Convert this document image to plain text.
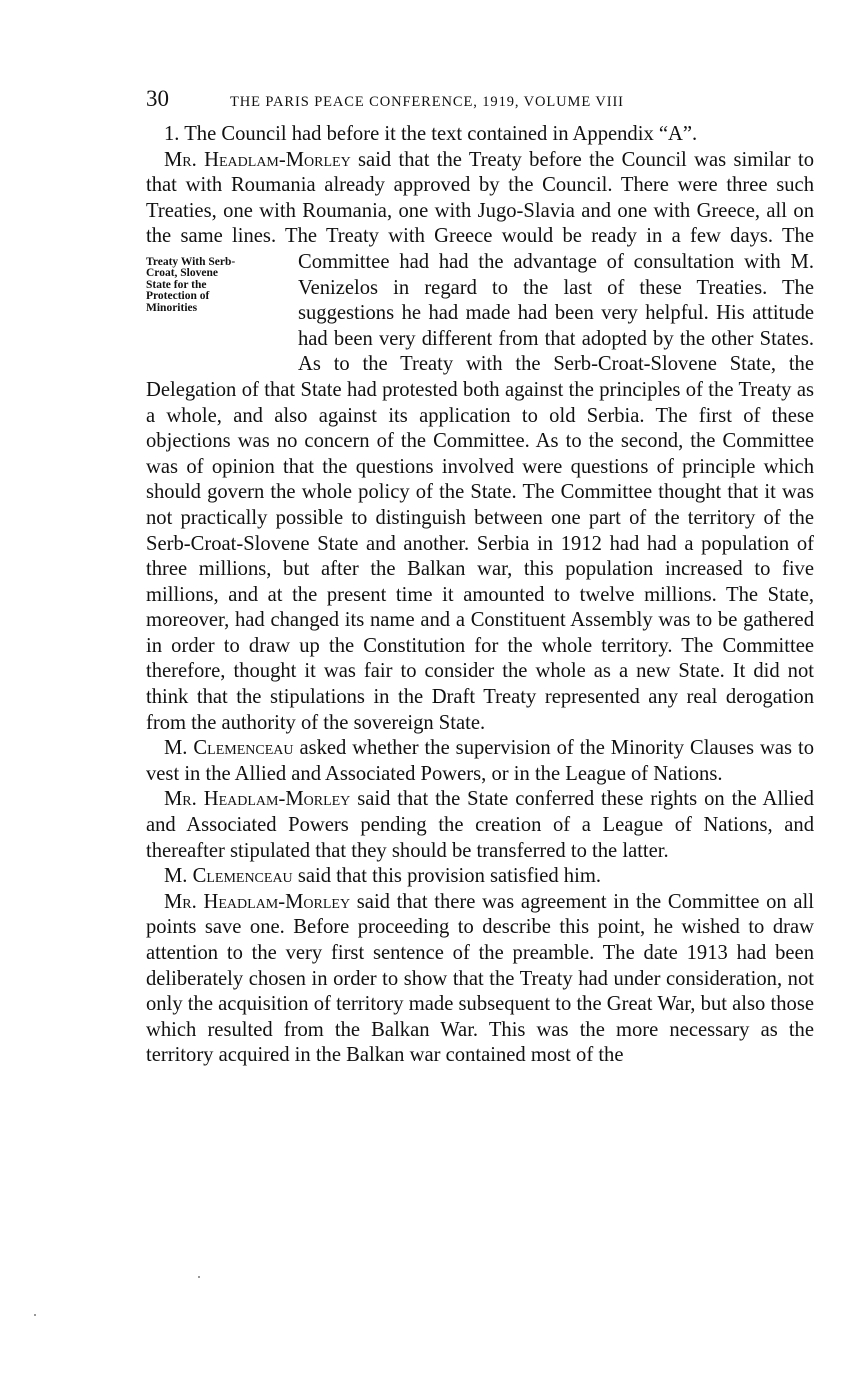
30	THE PARIS PEACE CONFERENCE, 1919, VOLUME VIII

1. The Council had before it the text contained in Appendix “A”.

Treaty With Serb-
Croat, Slovene
State for the
Protection of
Minorities

Mr. Headlam-Morley said that the Treaty before the Council was similar to that with Roumania already approved by the Council. There were three such Treaties, one with Roumania, one with Jugo-Slavia and one with Greece, all on the same lines. The Treaty with Greece would be ready in a few days. The Committee had had the advantage of consultation with M. Venizelos in regard to the last of these Treaties. The suggestions he had made had been very helpful. His attitude had been very different from that adopted by the other States. As to the Treaty with the Serb-Croat-Slovene State, the Delegation of that State had protested both against the principles of the Treaty as a whole, and also against its application to old Serbia. The first of these objections was no concern of the Committee. As to the second, the Committee was of opinion that the questions involved were questions of principle which should govern the whole policy of the State. The Committee thought that it was not practically possible to distinguish between one part of the territory of the Serb-Croat-Slovene State and another. Serbia in 1912 had had a population of three millions, but after the Balkan war, this population increased to five millions, and at the present time it amounted to twelve millions. The State, moreover, had changed its name and a Constituent Assembly was to be gathered in order to draw up the Constitution for the whole territory. The Committee therefore, thought it was fair to consider the whole as a new State. It did not think that the stipulations in the Draft Treaty represented any real derogation from the authority of the sovereign State.

M. Clemenceau asked whether the supervision of the Minority Clauses was to vest in the Allied and Associated Powers, or in the League of Nations.

Mr. Headlam-Morley said that the State conferred these rights on the Allied and Associated Powers pending the creation of a League of Nations, and thereafter stipulated that they should be transferred to the latter.

M. Clemenceau said that this provision satisfied him.

Mr. Headlam-Morley said that there was agreement in the Committee on all points save one. Before proceeding to describe this point, he wished to draw attention to the very first sentence of the preamble. The date 1913 had been deliberately chosen in order to show that the Treaty had under consideration, not only the acquisition of territory made subsequent to the Great War, but also those which resulted from the Balkan War. This was the more necessary as the territory acquired in the Balkan war contained most of the
